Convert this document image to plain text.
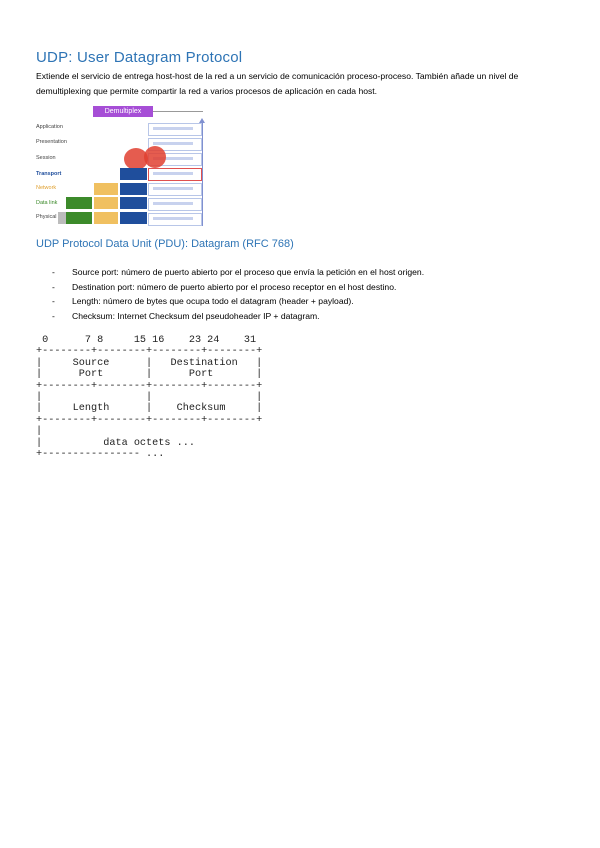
UDP: User Datagram Protocol
Extiende el servicio de entrega host-host de la red a un servicio de comunicación proceso-proceso. También añade un nivel de demultiplexing que permite compartir la red a varios procesos de aplicación en cada host.
Demultiplex
Application
Presentation
Session
Transport
Network
Data link
Physical
UDP Protocol Data Unit (PDU): Datagram (RFC 768)
- Source port: número de puerto abierto por el proceso que envía la petición en el host origen.
- Destination port: número de puerto abierto por el proceso receptor en el host destino.
- Length: número de bytes que ocupa todo el datagram (header + payload).
- Checksum: Internet Checksum del pseudoheader IP + datagram.
0      7 8     15 16    23 24    31
+--------+--------+--------+--------+
|     Source      |   Destination   |
|      Port       |      Port       |
+--------+--------+--------+--------+
|                 |                 |
|     Length      |    Checksum     |
+--------+--------+--------+--------+
|
|          data octets ...
+---------------- ...
